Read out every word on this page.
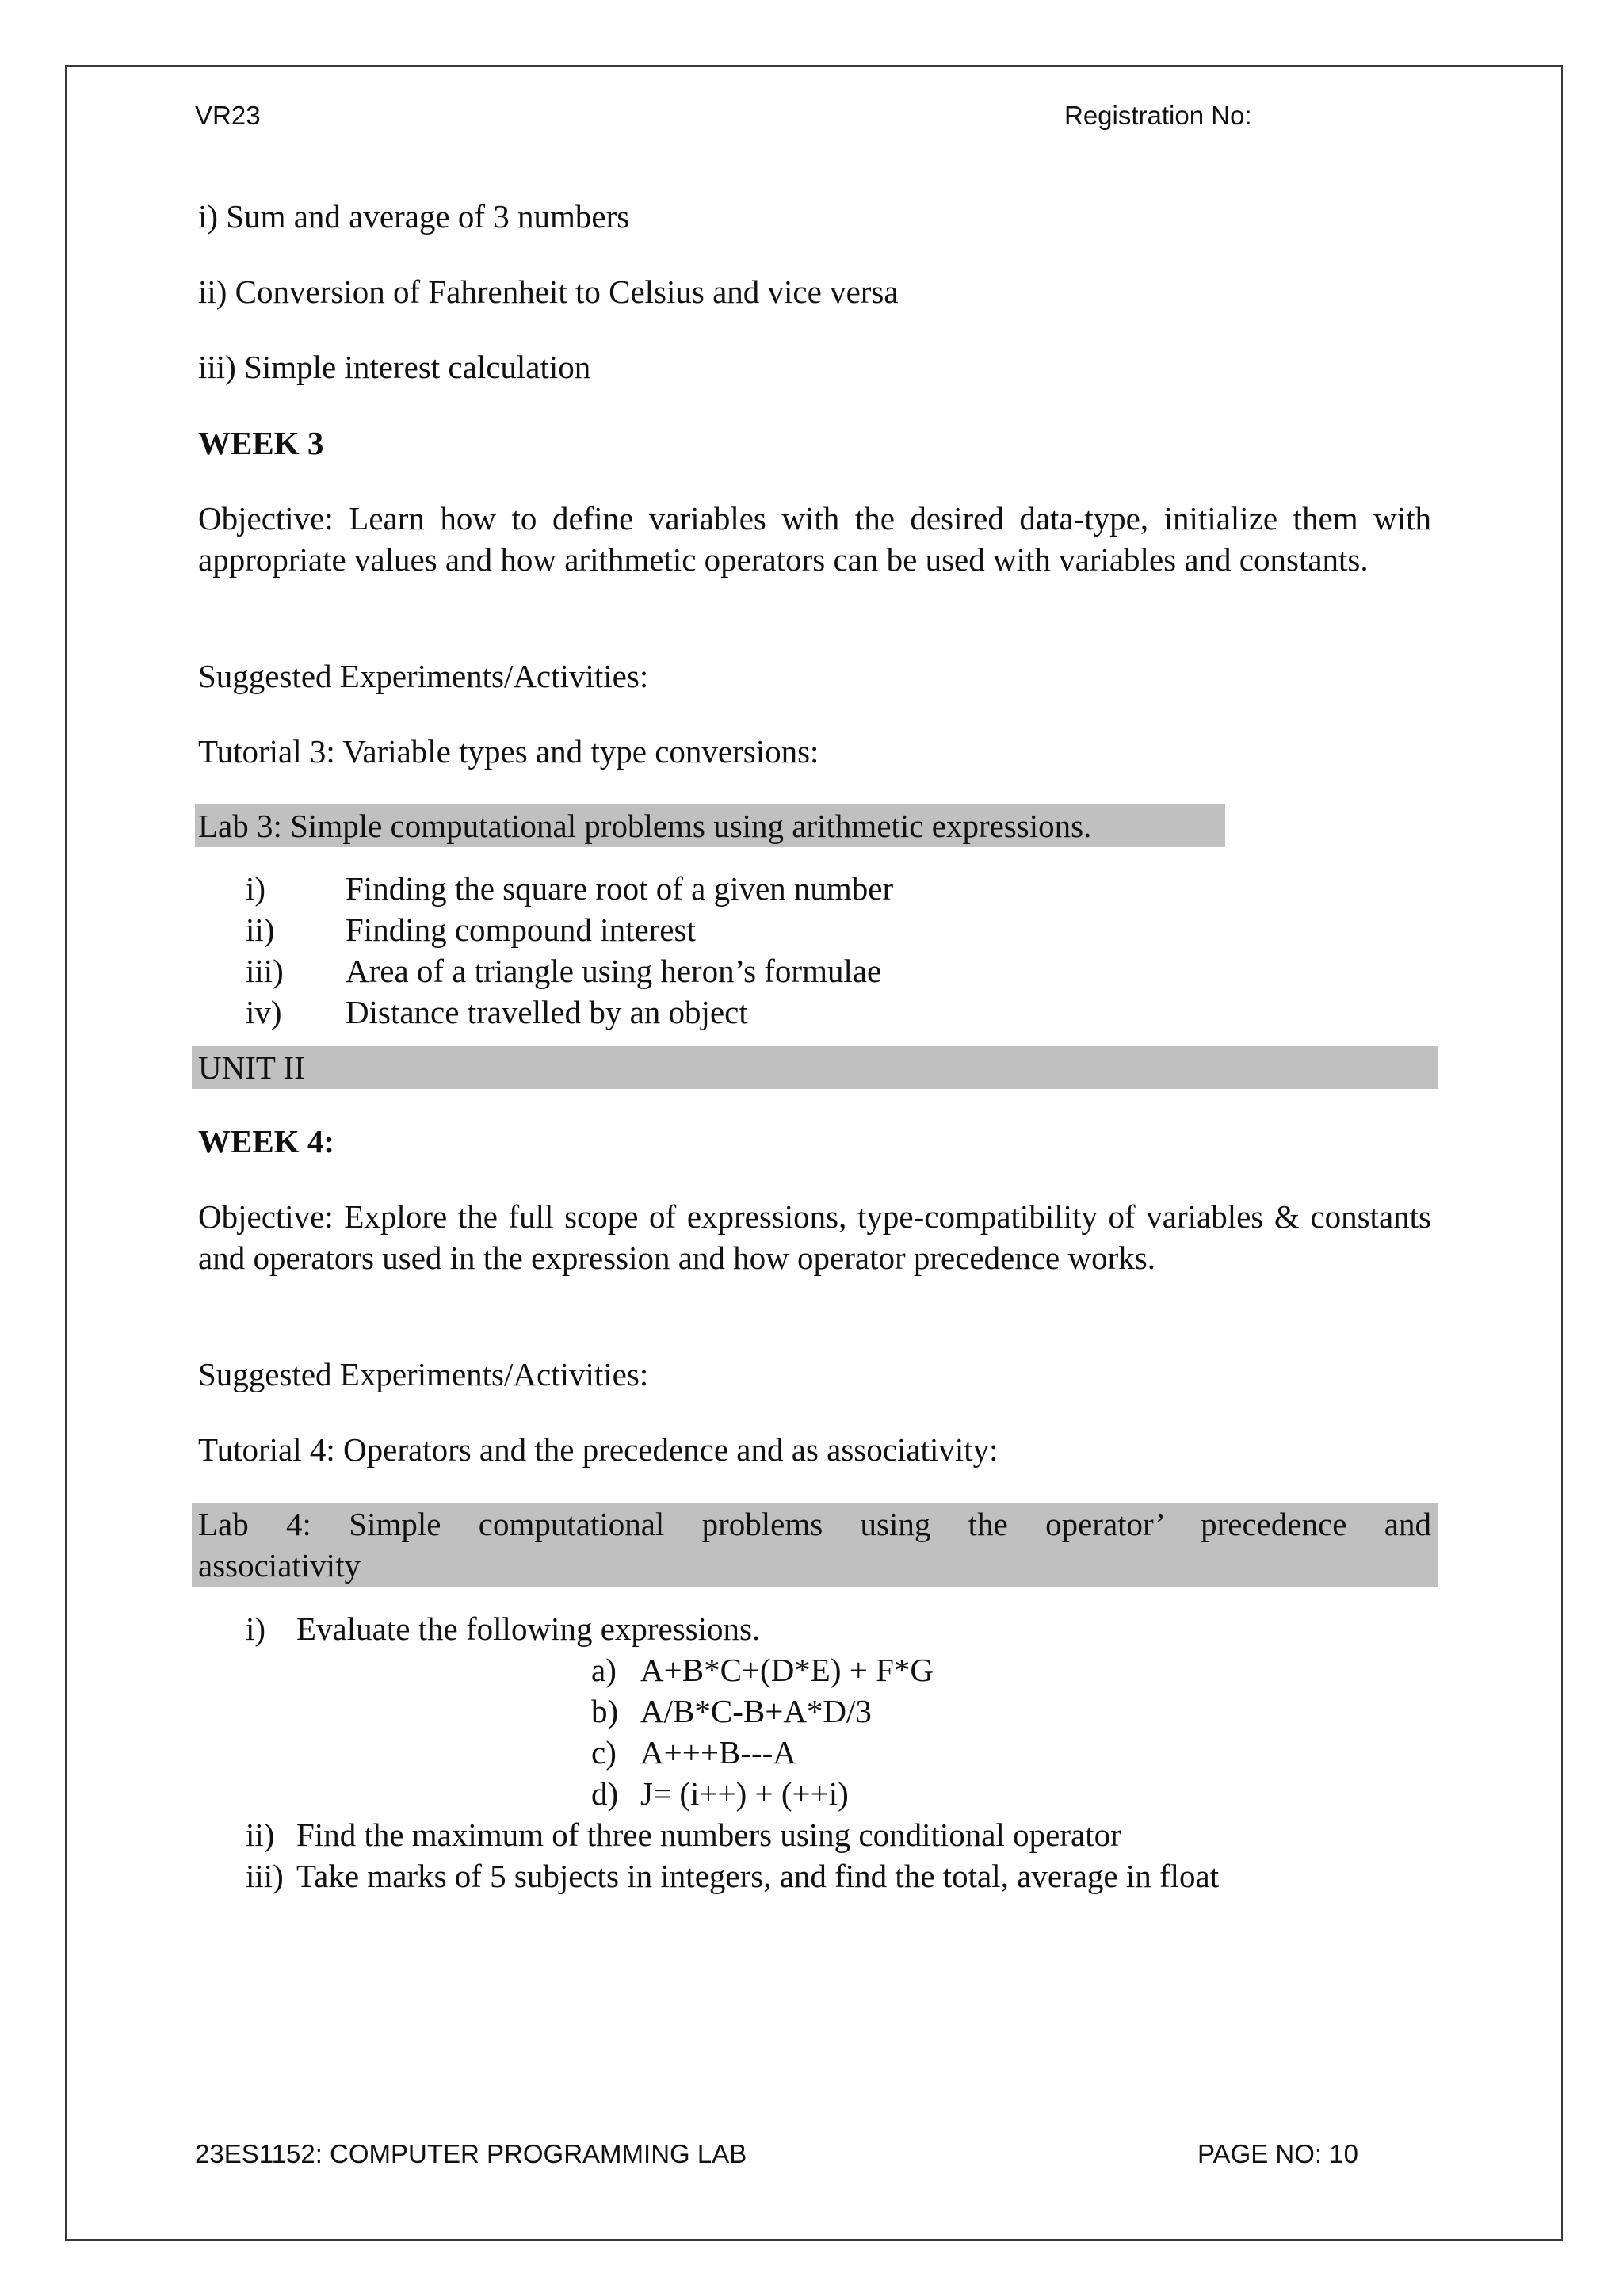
VR23	Registration No:
i) Sum and average of 3 numbers
ii) Conversion of Fahrenheit to Celsius and vice versa
iii) Simple interest calculation
WEEK 3
Objective: Learn how to define variables with the desired data-type, initialize them with appropriate values and how arithmetic operators can be used with variables and constants.
Suggested Experiments/Activities:
Tutorial 3: Variable types and type conversions:
Lab 3: Simple computational problems using arithmetic expressions.
i) Finding the square root of a given number
ii) Finding compound interest
iii) Area of a triangle using heron’s formulae
iv) Distance travelled by an object
UNIT II
WEEK 4:
Objective: Explore the full scope of expressions, type-compatibility of variables & constants and operators used in the expression and how operator precedence works.
Suggested Experiments/Activities:
Tutorial 4: Operators and the precedence and as associativity:
Lab 4: Simple computational problems using the operator’ precedence and
associativity
i) Evaluate the following expressions.
a) A+B*C+(D*E) + F*G
b) A/B*C-B+A*D/3
c) A+++B---A
d) J= (i++) + (++i)
ii) Find the maximum of three numbers using conditional operator
iii) Take marks of 5 subjects in integers, and find the total, average in float
23ES1152: COMPUTER PROGRAMMING LAB	PAGE NO: 10
